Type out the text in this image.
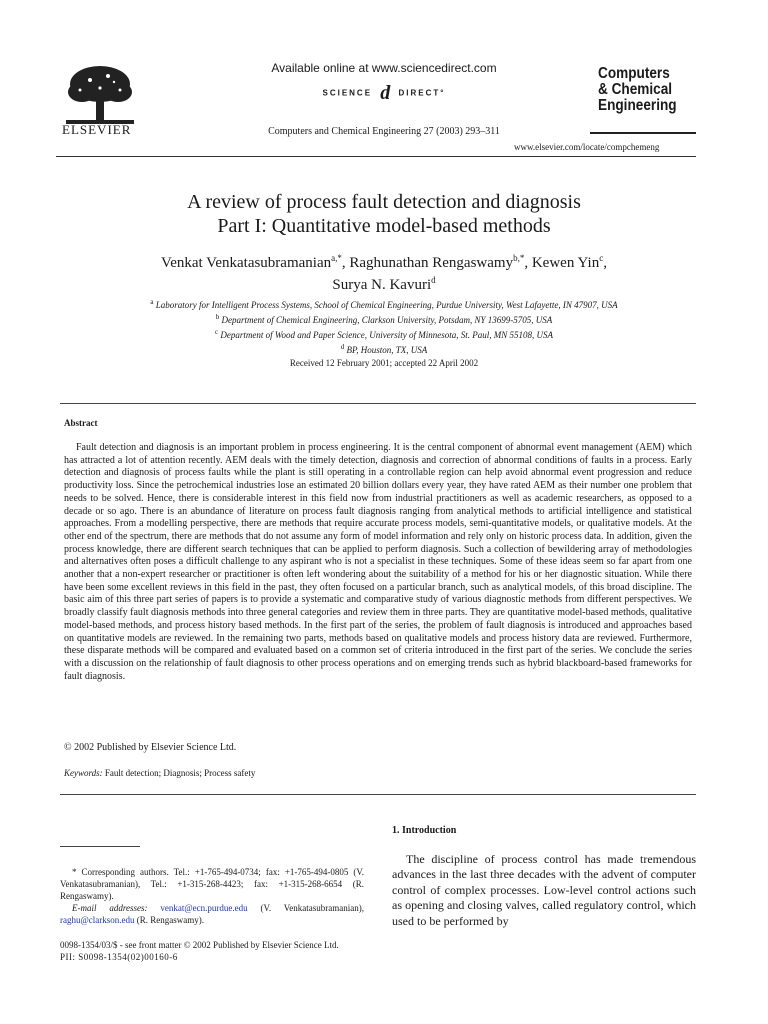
ELSEVIER
Available online at www.sciencedirect.com
SCIENCE d DIRECT°
Computers and Chemical Engineering 27 (2003) 293–311
Computers
& Chemical
Engineering
www.elsevier.com/locate/compchemeng
A review of process fault detection and diagnosis
Part I: Quantitative model-based methods
Venkat Venkatasubramanian$^{a,*}$, Raghunathan Rengaswamy$^{b,*}$, Kewen Yin$^c$,
Surya N. Kavuri$^d$
$^a$ Laboratory for Intelligent Process Systems, School of Chemical Engineering, Purdue University, West Lafayette, IN 47907, USA
$^b$ Department of Chemical Engineering, Clarkson University, Potsdam, NY 13699-5705, USA
$^c$ Department of Wood and Paper Science, University of Minnesota, St. Paul, MN 55108, USA
$^d$ BP, Houston, TX, USA
Received 12 February 2001; accepted 22 April 2002
Abstract
Fault detection and diagnosis is an important problem in process engineering. It is the central component of abnormal event management (AEM) which has attracted a lot of attention recently. AEM deals with the timely detection, diagnosis and correction of abnormal conditions of faults in a process. Early detection and diagnosis of process faults while the plant is still operating in a controllable region can help avoid abnormal event progression and reduce productivity loss. Since the petrochemical industries lose an estimated 20 billion dollars every year, they have rated AEM as their number one problem that needs to be solved. Hence, there is considerable interest in this field now from industrial practitioners as well as academic researchers, as opposed to a decade or so ago. There is an abundance of literature on process fault diagnosis ranging from analytical methods to artificial intelligence and statistical approaches. From a modelling perspective, there are methods that require accurate process models, semi-quantitative models, or qualitative models. At the other end of the spectrum, there are methods that do not assume any form of model information and rely only on historic process data. In addition, given the process knowledge, there are different search techniques that can be applied to perform diagnosis. Such a collection of bewildering array of methodologies and alternatives often poses a difficult challenge to any aspirant who is not a specialist in these techniques. Some of these ideas seem so far apart from one another that a non-expert researcher or practitioner is often left wondering about the suitability of a method for his or her diagnostic situation. While there have been some excellent reviews in this field in the past, they often focused on a particular branch, such as analytical models, of this broad discipline. The basic aim of this three part series of papers is to provide a systematic and comparative study of various diagnostic methods from different perspectives. We broadly classify fault diagnosis methods into three general categories and review them in three parts. They are quantitative model-based methods, qualitative model-based methods, and process history based methods. In the first part of the series, the problem of fault diagnosis is introduced and approaches based on quantitative models are reviewed. In the remaining two parts, methods based on qualitative models and process history data are reviewed. Furthermore, these disparate methods will be compared and evaluated based on a common set of criteria introduced in the first part of the series. We conclude the series with a discussion on the relationship of fault diagnosis to other process operations and on emerging trends such as hybrid blackboard-based frameworks for fault diagnosis.
© 2002 Published by Elsevier Science Ltd.
Keywords: Fault detection; Diagnosis; Process safety
1. Introduction
The discipline of process control has made tremendous advances in the last three decades with the advent of computer control of complex processes. Low-level control actions such as opening and closing valves, called regulatory control, which used to be performed by
* Corresponding authors. Tel.: +1-765-494-0734; fax: +1-765-494-0805 (V. Venkatasubramanian), Tel.: +1-315-268-4423; fax: +1-315-268-6654 (R. Rengaswamy).
E-mail addresses: venkat@ecn.purdue.edu (V. Venkatasubramanian), raghu@clarkson.edu (R. Rengaswamy).
0098-1354/03/$ - see front matter © 2002 Published by Elsevier Science Ltd.
PII: S0098-1354(02)00160-6
